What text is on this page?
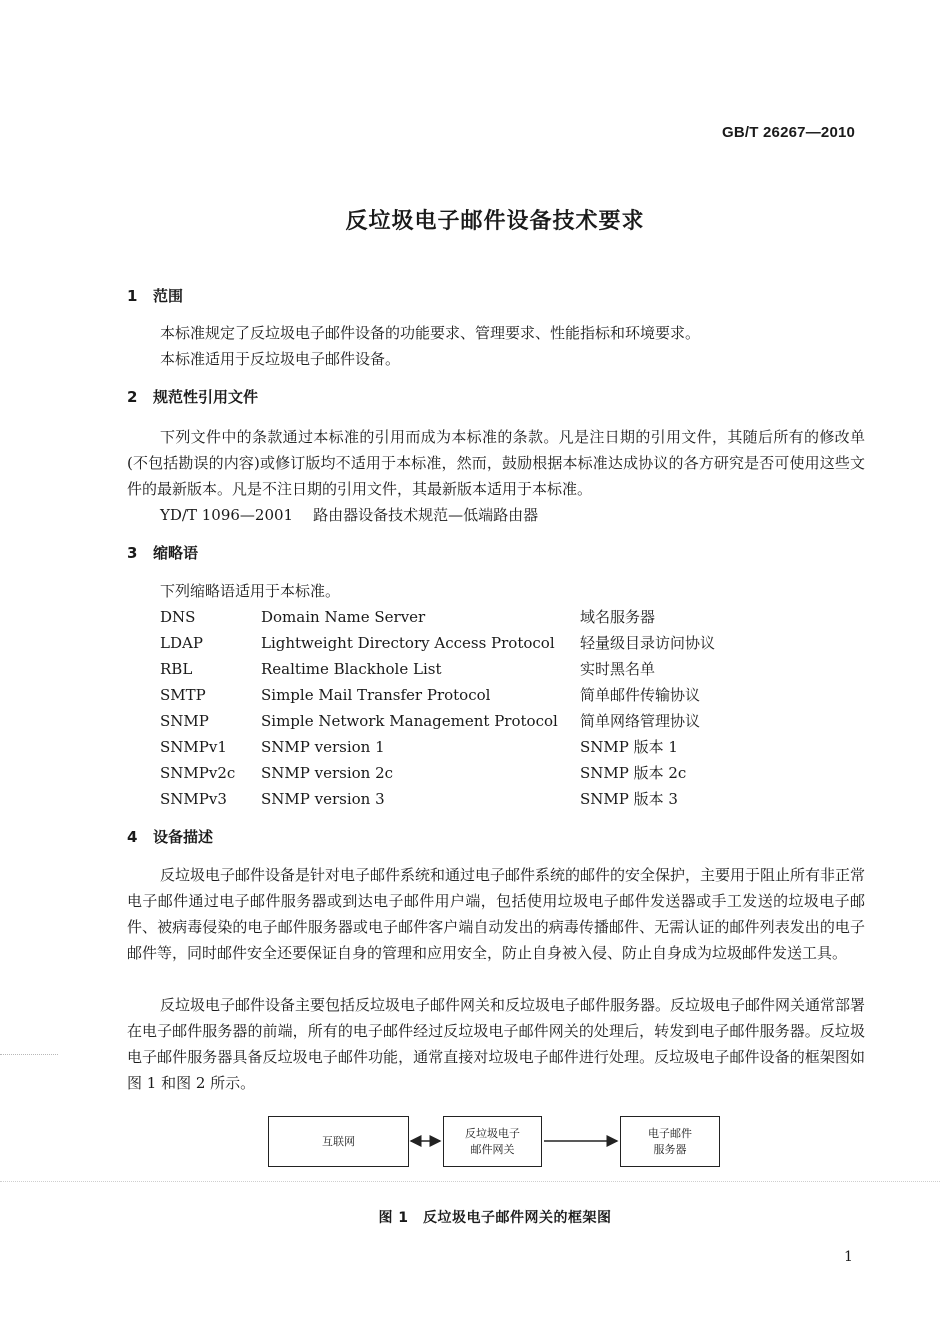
GB/T 26267—2010
反垃圾电子邮件设备技术要求
1 范围
本标准规定了反垃圾电子邮件设备的功能要求、管理要求、性能指标和环境要求。
本标准适用于反垃圾电子邮件设备。
2 规范性引用文件
下列文件中的条款通过本标准的引用而成为本标准的条款。凡是注日期的引用文件，其随后所有的修改单(不包括勘误的内容)或修订版均不适用于本标准，然而，鼓励根据本标准达成协议的各方研究是否可使用这些文件的最新版本。凡是不注日期的引用文件，其最新版本适用于本标准。
YD/T 1096—2001 路由器设备技术规范—低端路由器
3 缩略语
下列缩略语适用于本标准。
DNS	Domain Name Server	域名服务器
LDAP	Lightweight Directory Access Protocol 轻量级目录访问协议
RBL	Realtime Blackhole List	实时黑名单
SMTP	Simple Mail Transfer Protocol	简单邮件传输协议
SNMP	Simple Network Management Protocol 简单网络管理协议
SNMPv1 SNMP version 1	SNMP 版本 1
SNMPv2c SNMP version 2c	SNMP 版本 2c
SNMPv3 SNMP version 3	SNMP 版本 3
4 设备描述
反垃圾电子邮件设备是针对电子邮件系统和通过电子邮件系统的邮件的安全保护，主要用于阻止所有非正常电子邮件通过电子邮件服务器或到达电子邮件用户端，包括使用垃圾电子邮件发送器或手工发送的垃圾电子邮件、被病毒侵染的电子邮件服务器或电子邮件客户端自动发出的病毒传播邮件、无需认证的邮件列表发出的电子邮件等，同时邮件安全还要保证自身的管理和应用安全，防止自身被入侵、防止自身成为垃圾邮件发送工具。
反垃圾电子邮件设备主要包括反垃圾电子邮件网关和反垃圾电子邮件服务器。反垃圾电子邮件网关通常部署在电子邮件服务器的前端，所有的电子邮件经过反垃圾电子邮件网关的处理后，转发到电子邮件服务器。反垃圾电子邮件服务器具备反垃圾电子邮件功能，通常直接对垃圾电子邮件进行处理。反垃圾电子邮件设备的框架图如图 1 和图 2 所示。
互联网
反垃圾电子
邮件网关
电子邮件
服务器
图 1　反垃圾电子邮件网关的框架图
1
